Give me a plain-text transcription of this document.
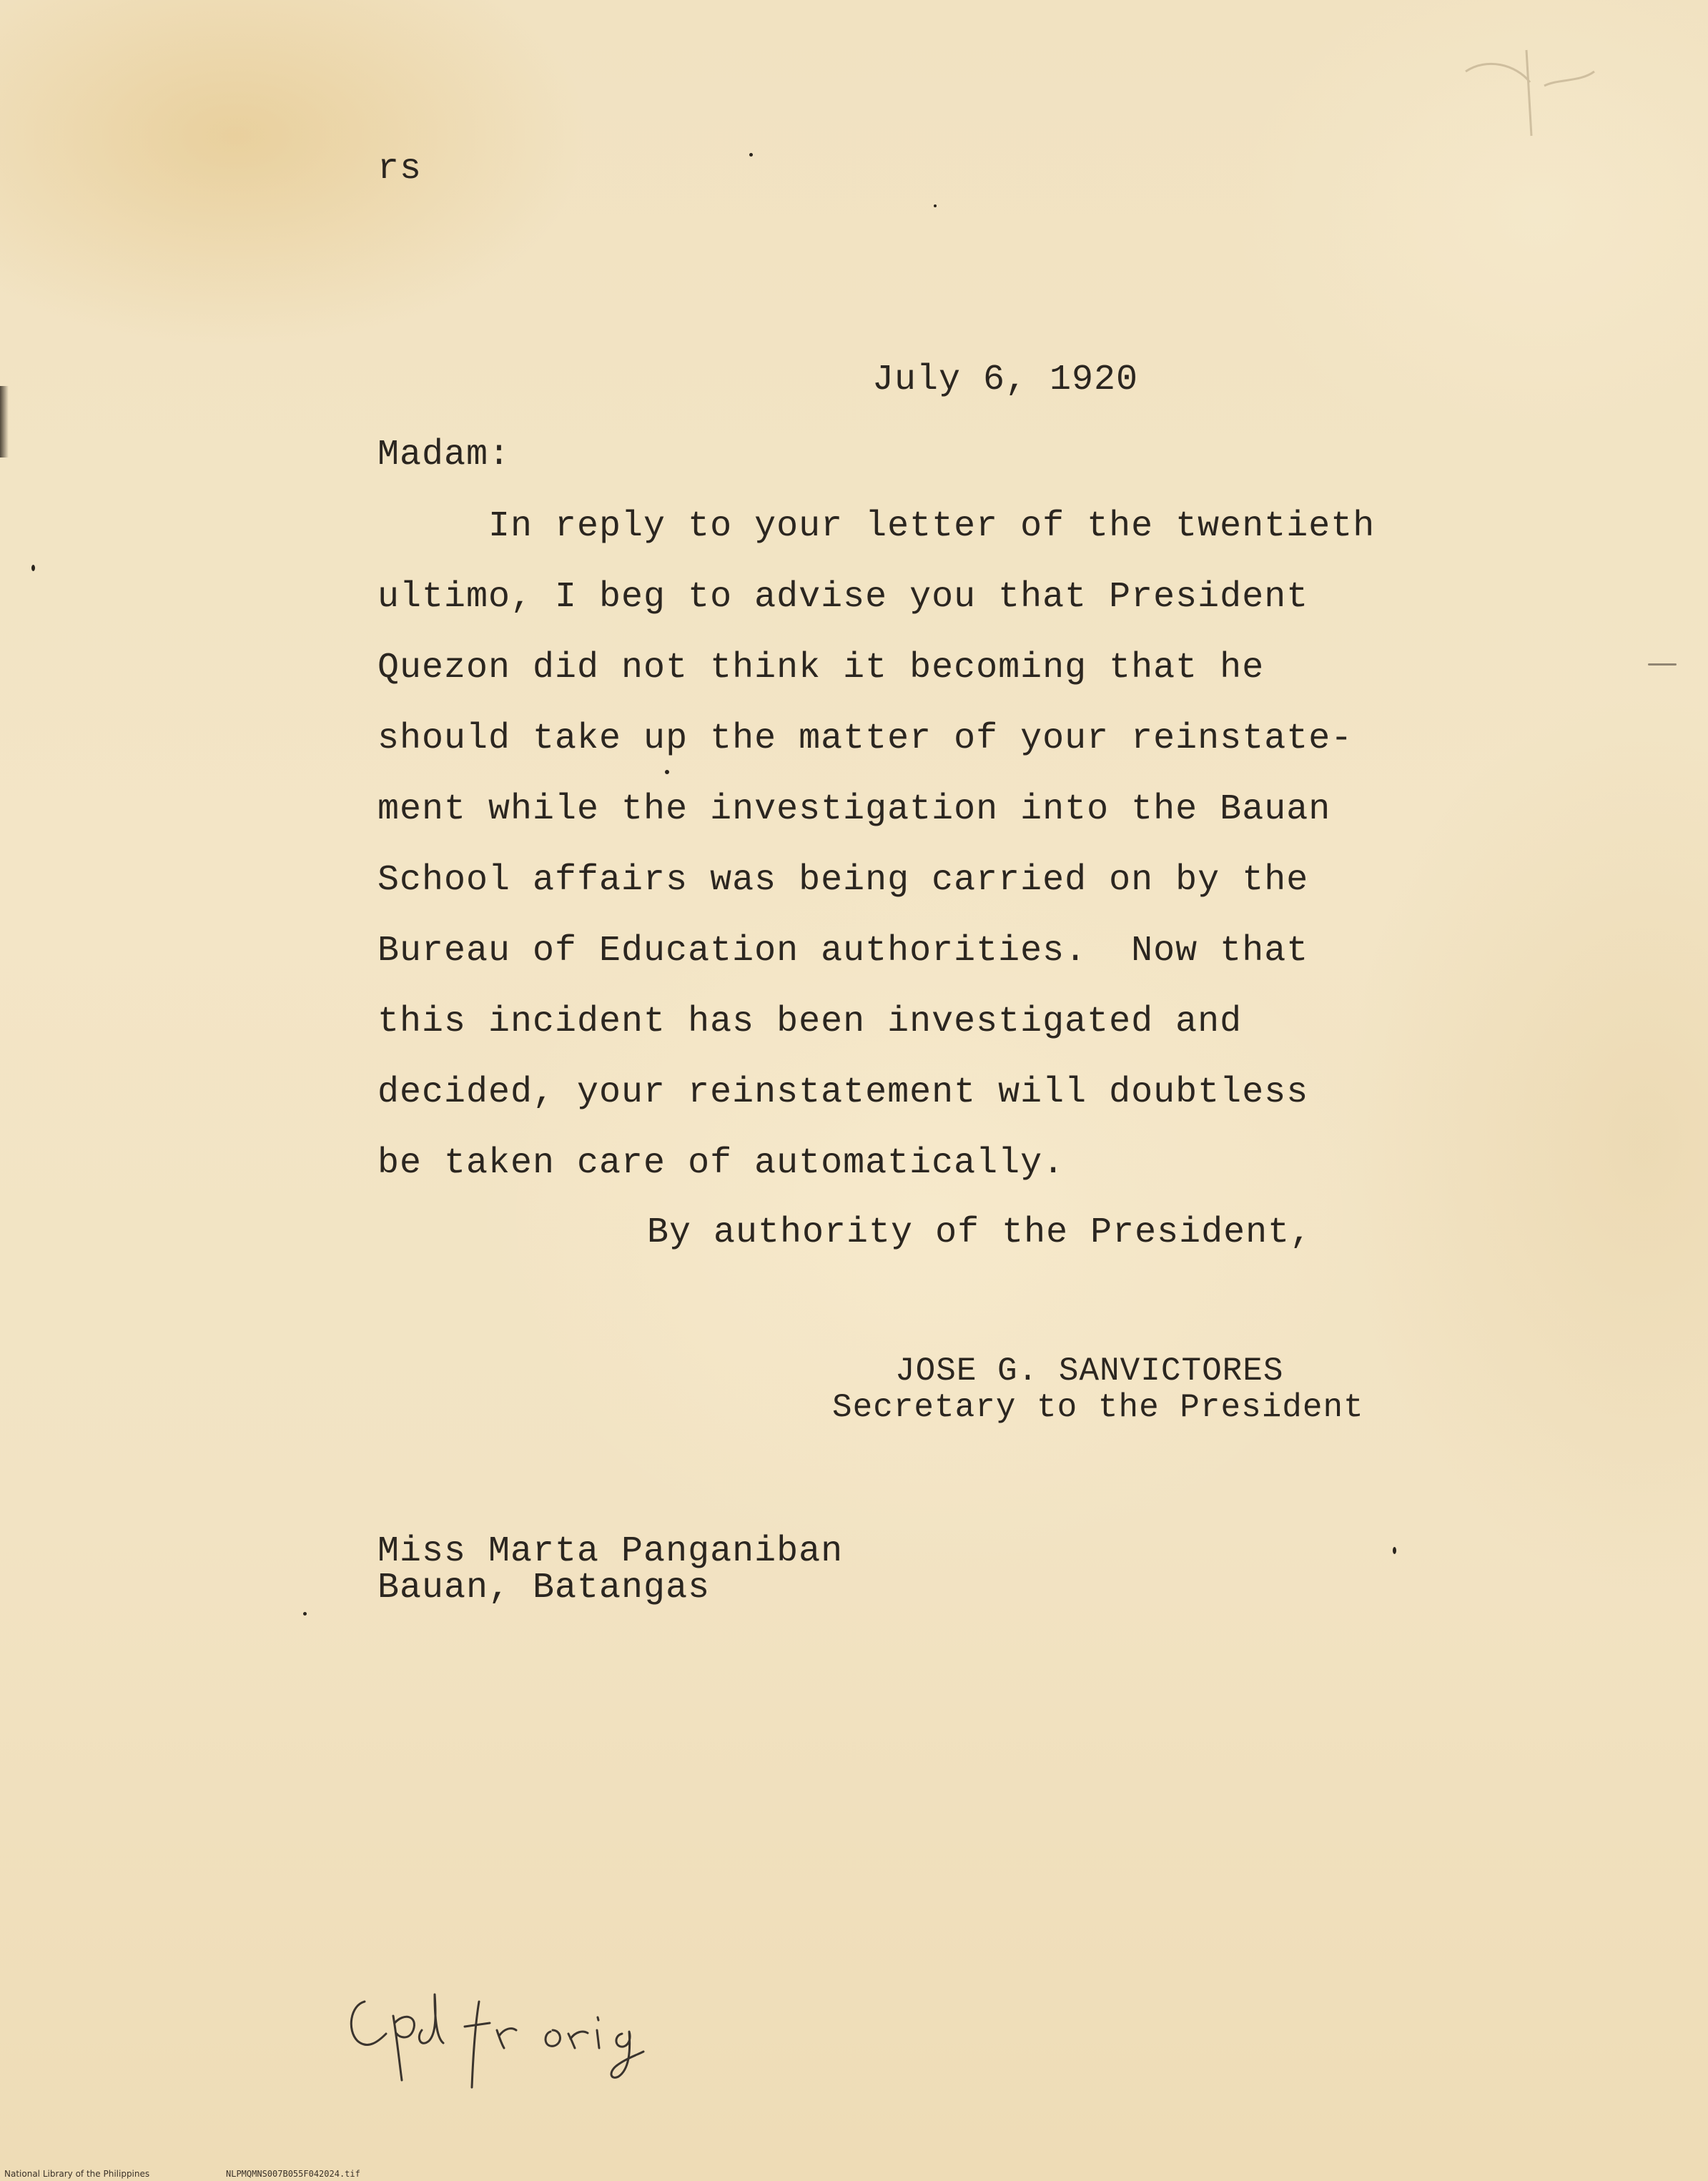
rs
July 6, 1920
Madam:
In reply to your letter of the twentieth
ultimo, I beg to advise you that President
Quezon did not think it becoming that he
should take up the matter of your reinstate-
ment while the investigation into the Bauan
School affairs was being carried on by the
Bureau of Education authorities.  Now that
this incident has been investigated and
decided, your reinstatement will doubtless
be taken care of automatically.
By authority of the President,
JOSE G. SANVICTORES
Secretary to the President
Miss Marta Panganiban
Bauan, Batangas
National Library of the Philippines	NLPMQMNS007B055F042024.tif
